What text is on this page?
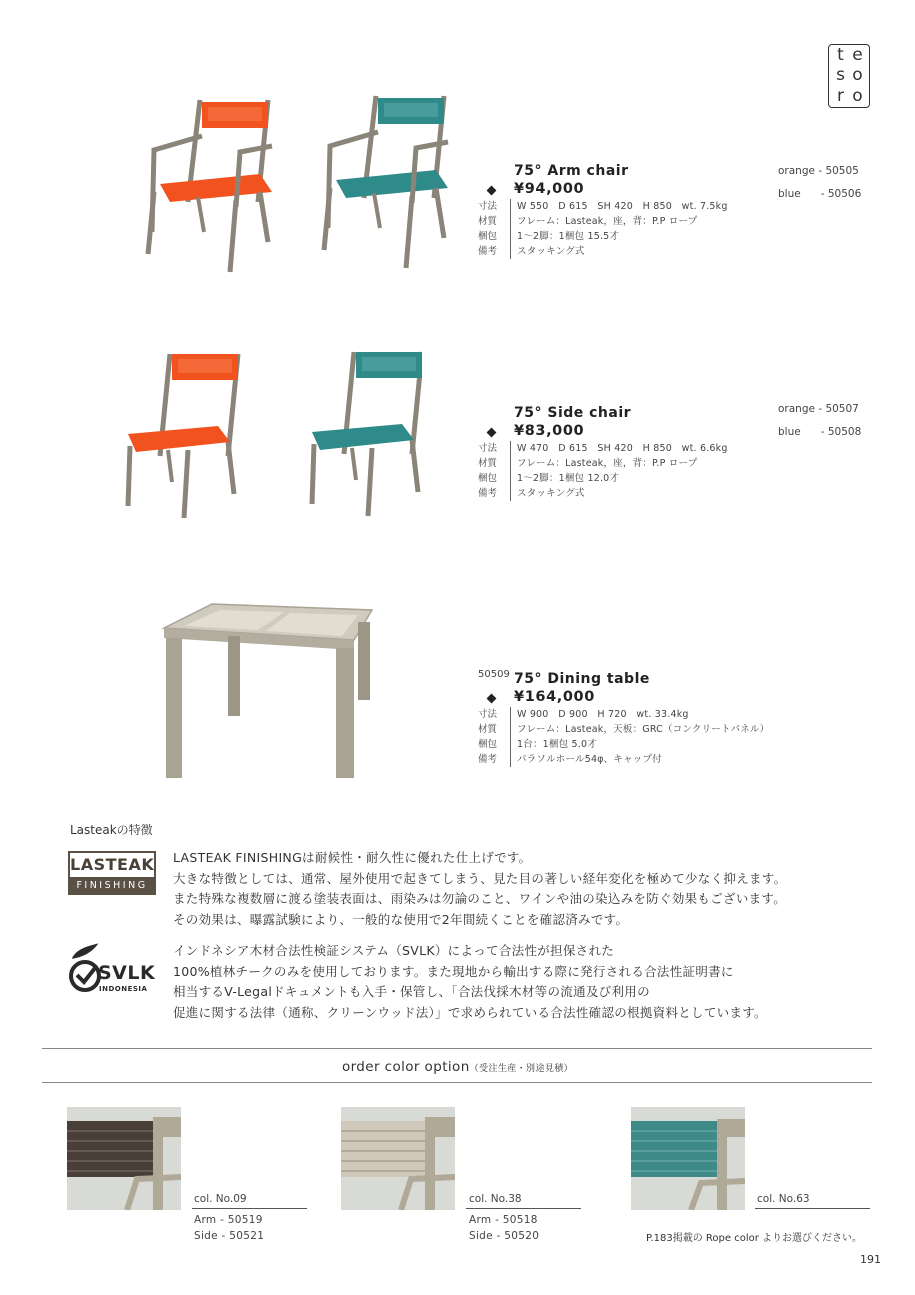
t e
s o
r o
75° Arm chair
¥94,000
寸法	W 550　D 615　SH 420　H 850　wt. 7.5kg
材質	フレーム：Lasteak，座，背：P.P ロープ
梱包	1～2脚：1梱包 15.5才
備考	スタッキング式
orange - 50505
blue - 50506
75° Side chair
¥83,000
寸法	W 470　D 615　SH 420　H 850　wt. 6.6kg
材質	フレーム：Lasteak，座，背：P.P ロープ
梱包	1～2脚：1梱包 12.0才
備考	スタッキング式
orange - 50507
blue - 50508
50509 75° Dining table
¥164,000
寸法	W 900　D 900　H 720　wt. 33.4kg
材質	フレーム：Lasteak，天板：GRC（コンクリートパネル）
梱包	1台：1梱包 5.0才
備考	パラソルホール54φ、キャップ付
Lasteakの特徴
LASTEAK
FINISHING
LASTEAK FINISHINGは耐候性・耐久性に優れた仕上げです。
大きな特徴としては、通常、屋外使用で起きてしまう、見た目の著しい経年変化を極めて少なく抑えます。
また特殊な複数層に渡る塗装表面は、雨染みは勿論のこと、ワインや油の染込みを防ぐ効果もございます。
その効果は、曝露試験により、一般的な使用で2年間続くことを確認済みです。
SVLK
INDONESIA
インドネシア木材合法性検証システム（SVLK）によって合法性が担保された
100%植林チークのみを使用しております。また現地から輸出する際に発行される合法性証明書に
相当するV-Legalドキュメントも入手・保管し、「合法伐採木材等の流通及び利用の
促進に関する法律（通称、クリーンウッド法）」で求められている合法性確認の根拠資料としています。
order color option（受注生産・別途見積）
col. No.09
Arm - 50519
Side - 50521
col. No.38
Arm - 50518
Side - 50520
col. No.63
P.183掲載の Rope color よりお選びください。
191
